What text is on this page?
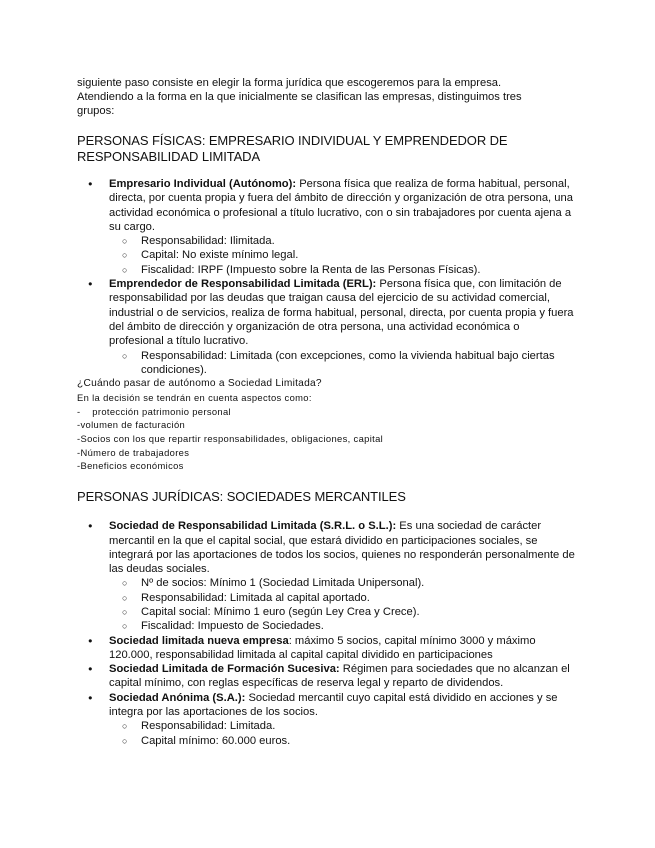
siguiente paso consiste en elegir la forma jurídica que escogeremos para la empresa.

Atendiendo a la forma en la que inicialmente se clasifican las empresas, distinguimos tres

grupos:

PERSONAS FÍSICAS: EMPRESARIO INDIVIDUAL Y EMPRENDEDOR DE
RESPONSABILIDAD LIMITADA
● Empresario Individual (Autónomo): Persona física que realiza de forma habitual, personal, directa, por cuenta propia y fuera del ámbito de dirección y organización de otra persona, una actividad económica o profesional a título lucrativo, con o sin trabajadores por cuenta ajena a su cargo.
○ Responsabilidad: Ilimitada.
○ Capital: No existe mínimo legal.
○ Fiscalidad: IRPF (Impuesto sobre la Renta de las Personas Físicas).
● Emprendedor de Responsabilidad Limitada (ERL): Persona física que, con limitación de responsabilidad por las deudas que traigan causa del ejercicio de su actividad comercial, industrial o de servicios, realiza de forma habitual, personal, directa, por cuenta propia y fuera del ámbito de dirección y organización de otra persona, una actividad económica o profesional a título lucrativo.
○ Responsabilidad: Limitada (con excepciones, como la vivienda habitual bajo ciertas condiciones).

¿Cuándo pasar de autónomo a Sociedad Limitada?

En la decisión se tendrán en cuenta aspectos como:

-    protección patrimonio personal

-volumen de facturación

-Socios con los que repartir responsabilidades, obligaciones, capital

-Número de trabajadores

-Beneficios económicos

PERSONAS JURÍDICAS: SOCIEDADES MERCANTILES
● Sociedad de Responsabilidad Limitada (S.R.L. o S.L.): Es una sociedad de carácter mercantil en la que el capital social, que estará dividido en participaciones sociales, se integrará por las aportaciones de todos los socios, quienes no responderán personalmente de las deudas sociales.
○ Nº de socios: Mínimo 1 (Sociedad Limitada Unipersonal).
○ Responsabilidad: Limitada al capital aportado.
○ Capital social: Mínimo 1 euro (según Ley Crea y Crece).
○ Fiscalidad: Impuesto de Sociedades.
● Sociedad limitada nueva empresa: máximo 5 socios, capital mínimo 3000 y máximo 120.000, responsabilidad limitada al capital capital dividido en participaciones
● Sociedad Limitada de Formación Sucesiva: Régimen para sociedades que no alcanzan el capital mínimo, con reglas específicas de reserva legal y reparto de dividendos.
● Sociedad Anónima (S.A.): Sociedad mercantil cuyo capital está dividido en acciones y se integra por las aportaciones de los socios.
○ Responsabilidad: Limitada.
○ Capital mínimo: 60.000 euros.
